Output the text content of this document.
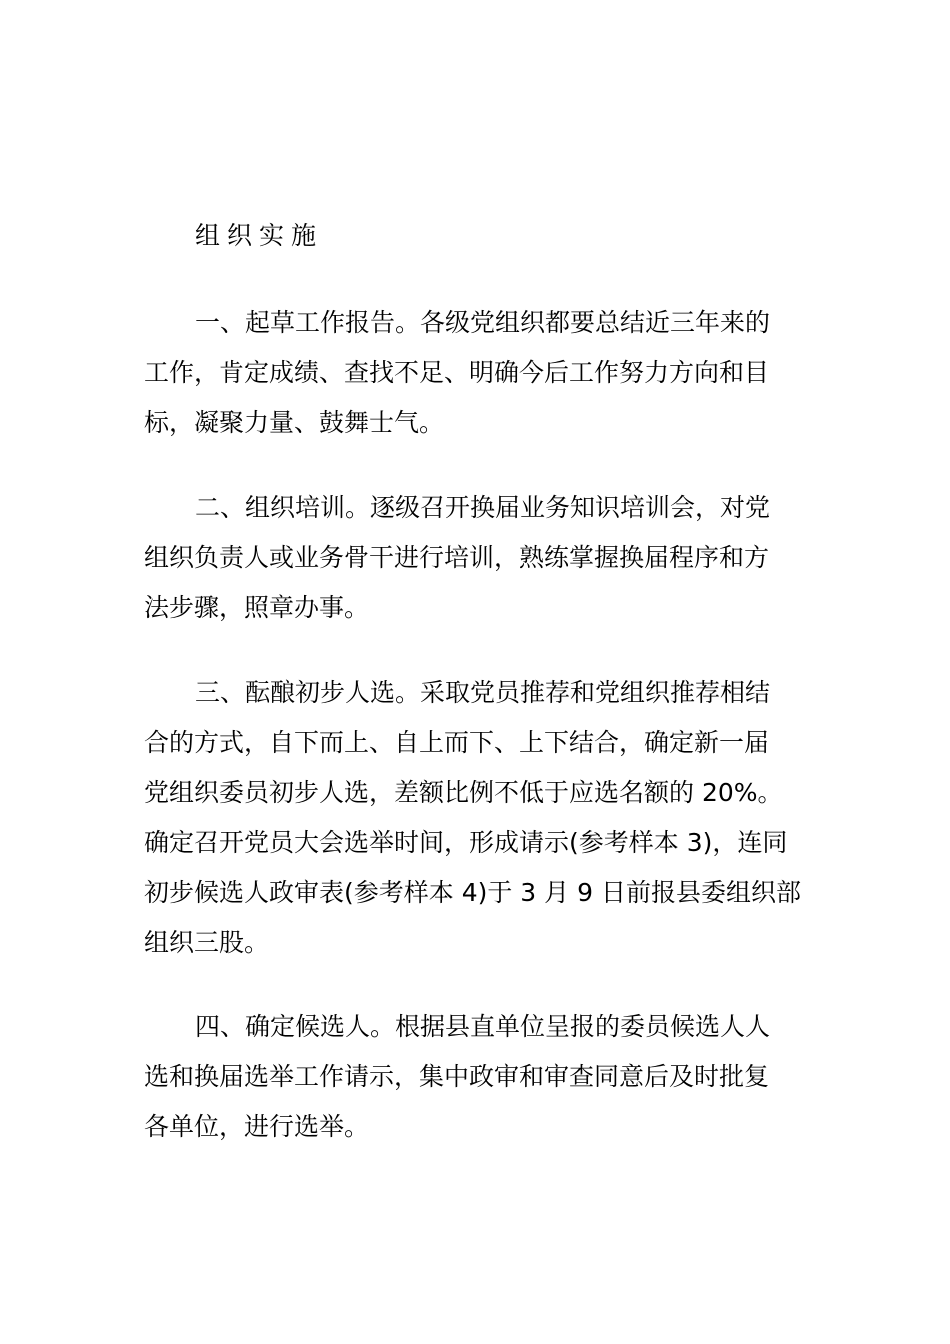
组织实施
一、起草工作报告。各级党组织都要总结近三年来的
工作，肯定成绩、查找不足、明确今后工作努力方向和目
标，凝聚力量、鼓舞士气。
二、组织培训。逐级召开换届业务知识培训会，对党
组织负责人或业务骨干进行培训，熟练掌握换届程序和方
法步骤，照章办事。
三、酝酿初步人选。采取党员推荐和党组织推荐相结
合的方式，自下而上、自上而下、上下结合，确定新一届
党组织委员初步人选，差额比例不低于应选名额的 20%。
确定召开党员大会选举时间，形成请示(参考样本 3)，连同
初步候选人政审表(参考样本 4)于 3 月 9 日前报县委组织部
组织三股。
四、确定候选人。根据县直单位呈报的委员候选人人
选和换届选举工作请示，集中政审和审查同意后及时批复
各单位，进行选举。
